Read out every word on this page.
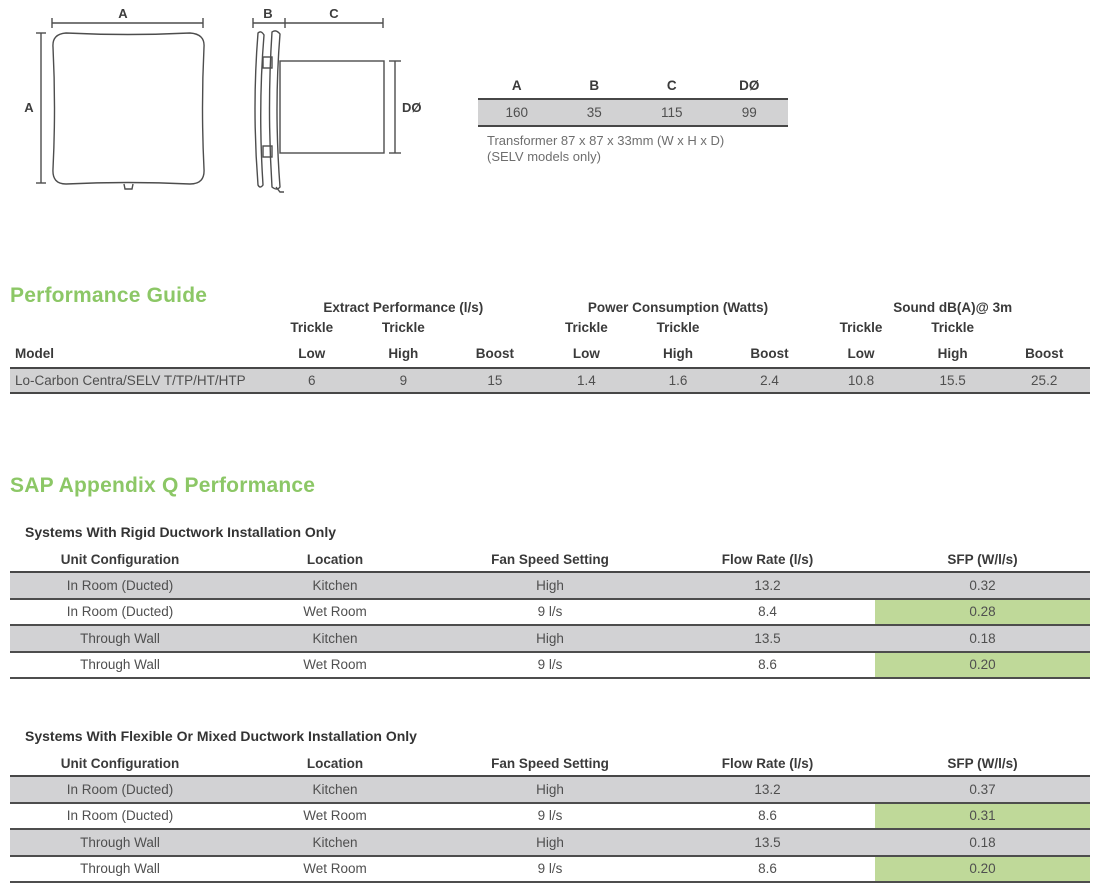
A
A
B	C
DØ
A	B	C	DØ
160	35	115	99
Transformer 87 x 87 x 33mm (W x H x D)
(SELV models only)
Performance Guide
	Extract Performance (l/s)			Power Consumption (Watts)			Sound dB(A)@ 3m		
	Trickle	Trickle		Trickle	Trickle		Trickle	Trickle	
Model	Low	High	Boost	Low	High	Boost	Low	High	Boost
Lo-Carbon Centra/SELV T/TP/HT/HTP	6	9	15	1.4	1.6	2.4	10.8	15.5	25.2
SAP Appendix Q Performance
Systems With Rigid Ductwork Installation Only
Unit Configuration	Location	Fan Speed Setting	Flow Rate (l/s)	SFP (W/l/s)
In Room (Ducted)	Kitchen	High	13.2	0.32
In Room (Ducted)	Wet Room	9 l/s	8.4	0.28
Through Wall	Kitchen	High	13.5	0.18
Through Wall	Wet Room	9 l/s	8.6	0.20
Systems With Flexible Or Mixed Ductwork Installation Only
Unit Configuration	Location	Fan Speed Setting	Flow Rate (l/s)	SFP (W/l/s)
In Room (Ducted)	Kitchen	High	13.2	0.37
In Room (Ducted)	Wet Room	9 l/s	8.6	0.31
Through Wall	Kitchen	High	13.5	0.18
Through Wall	Wet Room	9 l/s	8.6	0.20
